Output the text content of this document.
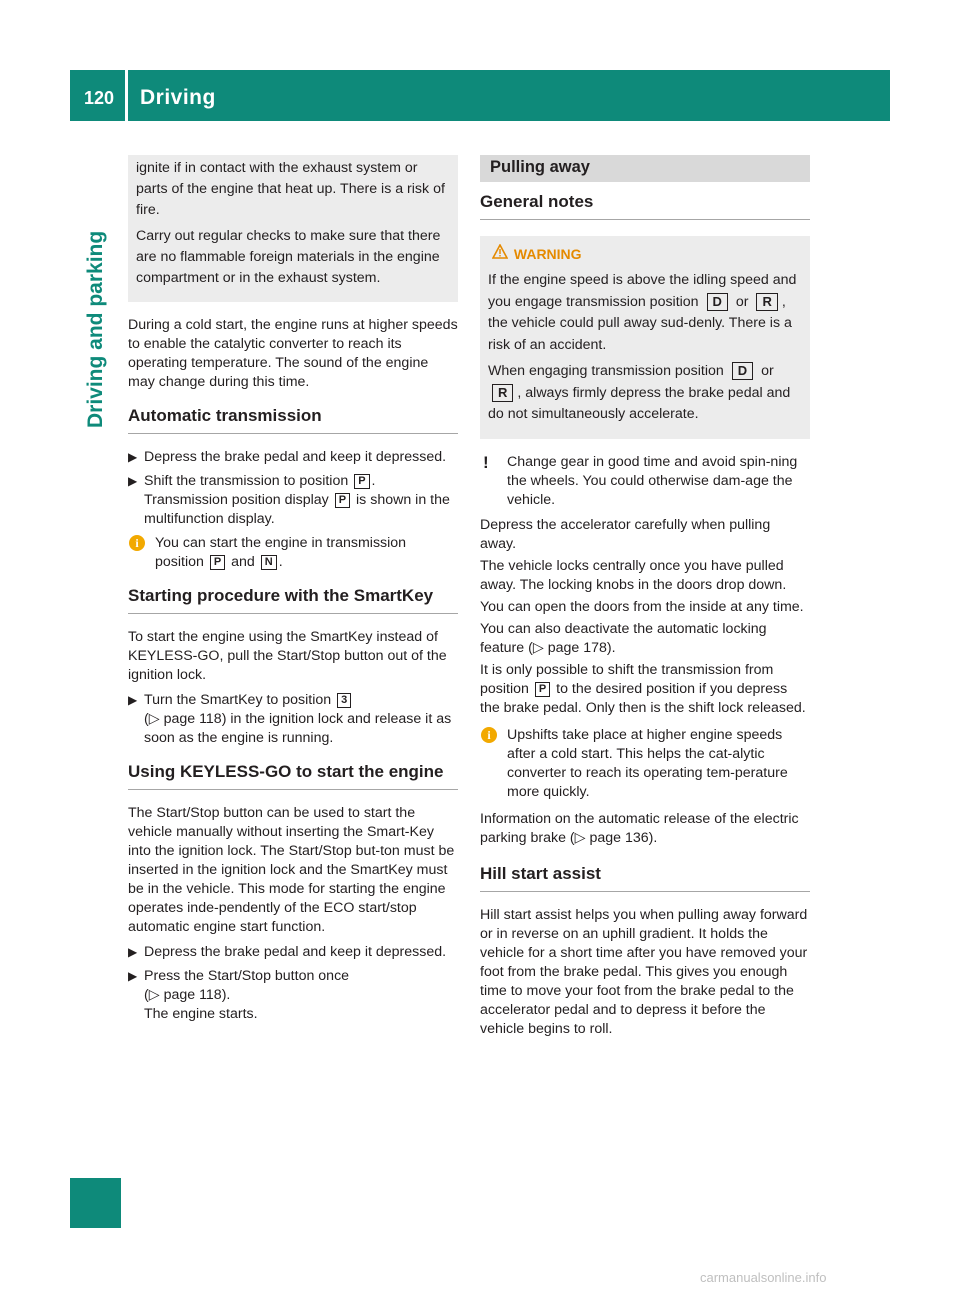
120 Driving
Driving and parking

ignite if in contact with the exhaust system or parts of the engine that heat up. There is a risk of fire.

Carry out regular checks to make sure that there are no flammable foreign materials in the engine compartment or in the exhaust system.

During a cold start, the engine runs at higher speeds to enable the catalytic converter to reach its operating temperature. The sound of the engine may change during this time.

Automatic transmission
▶ Depress the brake pedal and keep it depressed.
▶ Shift the transmission to position P .
Transmission position display P is shown in the multifunction display.
i	You can start the engine in transmission position P and N .
Starting procedure with the SmartKey

To start the engine using the SmartKey instead of KEYLESS-GO, pull the Start/Stop button out of the ignition lock.

▶ Turn the SmartKey to position 3
(▷ page 118) in the ignition lock and release it as soon as the engine is running.
Using KEYLESS-GO to start the engine

The Start/Stop button can be used to start the vehicle manually without inserting the Smart-Key into the ignition lock. The Start/Stop but-ton must be inserted in the ignition lock and the SmartKey must be in the vehicle. This mode for starting the engine operates inde-pendently of the ECO start/stop automatic engine start function.

▶ Depress the brake pedal and keep it depressed.
▶ Press the Start/Stop button once
(▷ page 118).
The engine starts.
Pulling away
General notes
WARNING

If the engine speed is above the idling speed and you engage transmission position D or R , the vehicle could pull away sud-denly. There is a risk of an accident.

When engaging transmission position D or R , always firmly depress the brake pedal and do not simultaneously accelerate.

! Change gear in good time and avoid spin-ning the wheels. You could otherwise dam-age the vehicle.

Depress the accelerator carefully when pulling away.

The vehicle locks centrally once you have pulled away. The locking knobs in the doors drop down.

You can open the doors from the inside at any time.

You can also deactivate the automatic locking feature (▷ page 178).

It is only possible to shift the transmission from position P to the desired position if you depress the brake pedal. Only then is the shift lock released.

i	Upshifts take place at higher engine speeds after a cold start. This helps the cat-alytic converter to reach its operating tem-perature more quickly.

Information on the automatic release of the electric parking brake (▷ page 136).

Hill start assist

Hill start assist helps you when pulling away forward or in reverse on an uphill gradient. It holds the vehicle for a short time after you have removed your foot from the brake pedal. This gives you enough time to move your foot from the brake pedal to the accelerator pedal and to depress it before the vehicle begins to roll.

carmanualsonline.info
